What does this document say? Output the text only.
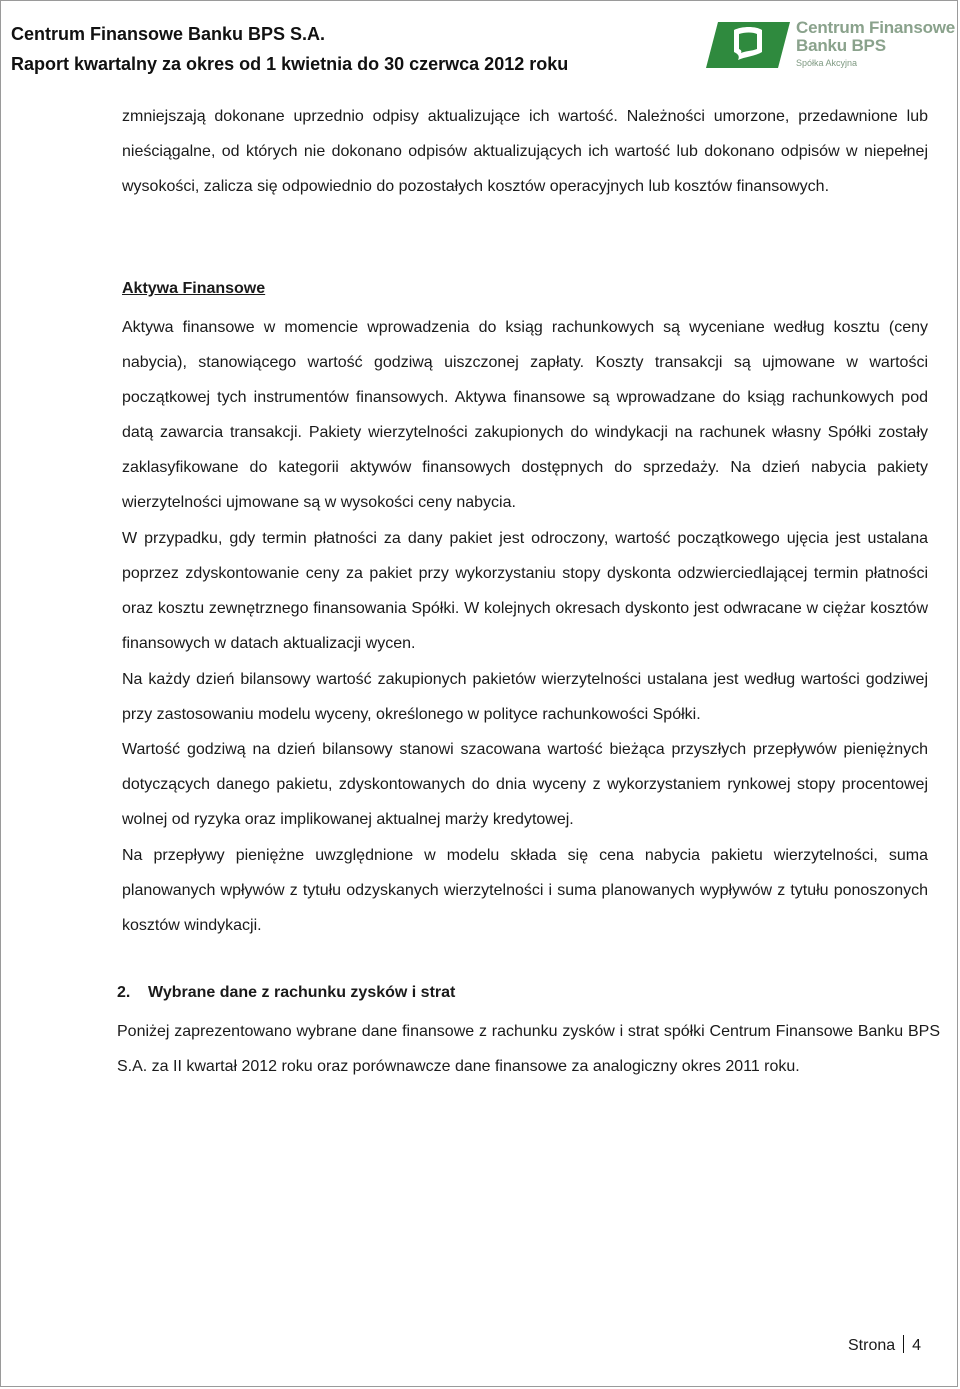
Centrum Finansowe Banku BPS S.A.
Raport kwartalny za okres od 1 kwietnia do 30 czerwca 2012 roku
Centrum Finansowe
Banku BPS
Spółka Akcyjna

zmniejszają dokonane uprzednio odpisy aktualizujące ich wartość. Należności umorzone, przedawnione lub nieściągalne, od których nie dokonano odpisów aktualizujących ich wartość lub dokonano odpisów w niepełnej wysokości, zalicza się odpowiednio do pozostałych kosztów operacyjnych lub kosztów finansowych.

Aktywa Finansowe

Aktywa finansowe w momencie wprowadzenia do ksiąg rachunkowych są wyceniane według kosztu (ceny nabycia), stanowiącego wartość godziwą uiszczonej zapłaty. Koszty transakcji są ujmowane w wartości początkowej tych instrumentów finansowych. Aktywa finansowe są wprowadzane do ksiąg rachunkowych pod datą zawarcia transakcji. Pakiety wierzytelności zakupionych do windykacji na rachunek własny Spółki zostały zaklasyfikowane do kategorii aktywów finansowych dostępnych do sprzedaży. Na dzień nabycia pakiety wierzytelności ujmowane są w wysokości ceny nabycia.

W przypadku, gdy termin płatności za dany pakiet jest odroczony, wartość początkowego ujęcia jest ustalana poprzez zdyskontowanie ceny za pakiet przy wykorzystaniu stopy dyskonta odzwierciedlającej termin płatności oraz kosztu zewnętrznego finansowania Spółki. W kolejnych okresach dyskonto jest odwracane w ciężar kosztów finansowych w datach aktualizacji wycen.

Na każdy dzień bilansowy wartość zakupionych pakietów wierzytelności ustalana jest według wartości godziwej przy zastosowaniu modelu wyceny, określonego w polityce rachunkowości Spółki.

Wartość godziwą na dzień bilansowy stanowi szacowana wartość bieżąca przyszłych przepływów pieniężnych dotyczących danego pakietu, zdyskontowanych do dnia wyceny z wykorzystaniem rynkowej stopy procentowej wolnej od ryzyka oraz implikowanej aktualnej marży kredytowej.

Na przepływy pieniężne uwzględnione w modelu składa się cena nabycia pakietu wierzytelności, suma planowanych wpływów z tytułu odzyskanych wierzytelności i suma planowanych wypływów z tytułu ponoszonych kosztów windykacji.

2. Wybrane dane z rachunku zysków i strat

Poniżej zaprezentowano wybrane dane finansowe z rachunku zysków i strat spółki Centrum Finansowe Banku BPS S.A. za II kwartał 2012 roku oraz porównawcze dane finansowe za analogiczny okres 2011 roku.

Strona 4
